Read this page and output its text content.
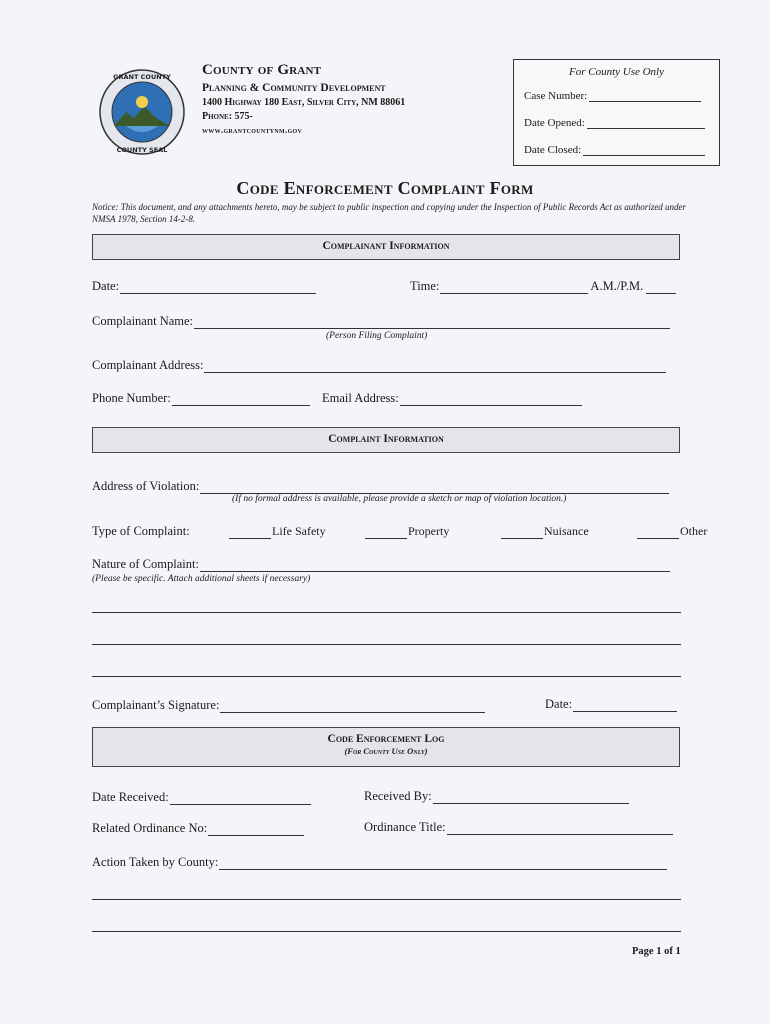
GRANT COUNTY
COUNTY SEAL
County of Grant
Planning & Community Development
1400 Highway 180 East, Silver City, NM 88061
Phone: 575-
www.grantcountynm.gov
For County Use Only
Case Number:
Date Opened:
Date Closed:
Code Enforcement Complaint Form
Notice: This document, and any attachments hereto, may be subject to public inspection and copying under the Inspection of Public Records Act as authorized under NMSA 1978, Section 14-2-8.
Complainant Information
Date:	Time:	A.M./P.M.
Complainant Name:
(Person Filing Complaint)
Complainant Address:
Phone Number:	Email Address:
Complaint Information
Address of Violation:
(If no formal address is available, please provide a sketch or map of violation location.)
Type of Complaint:	Life Safety	Property	Nuisance	Other
Nature of Complaint:
(Please be specific. Attach additional sheets if necessary)
Complainant’s Signature:	Date:
Code Enforcement Log
(For County Use Only)
Date Received:	Received By:
Related Ordinance No:	Ordinance Title:
Action Taken by County:
Page 1 of 1
